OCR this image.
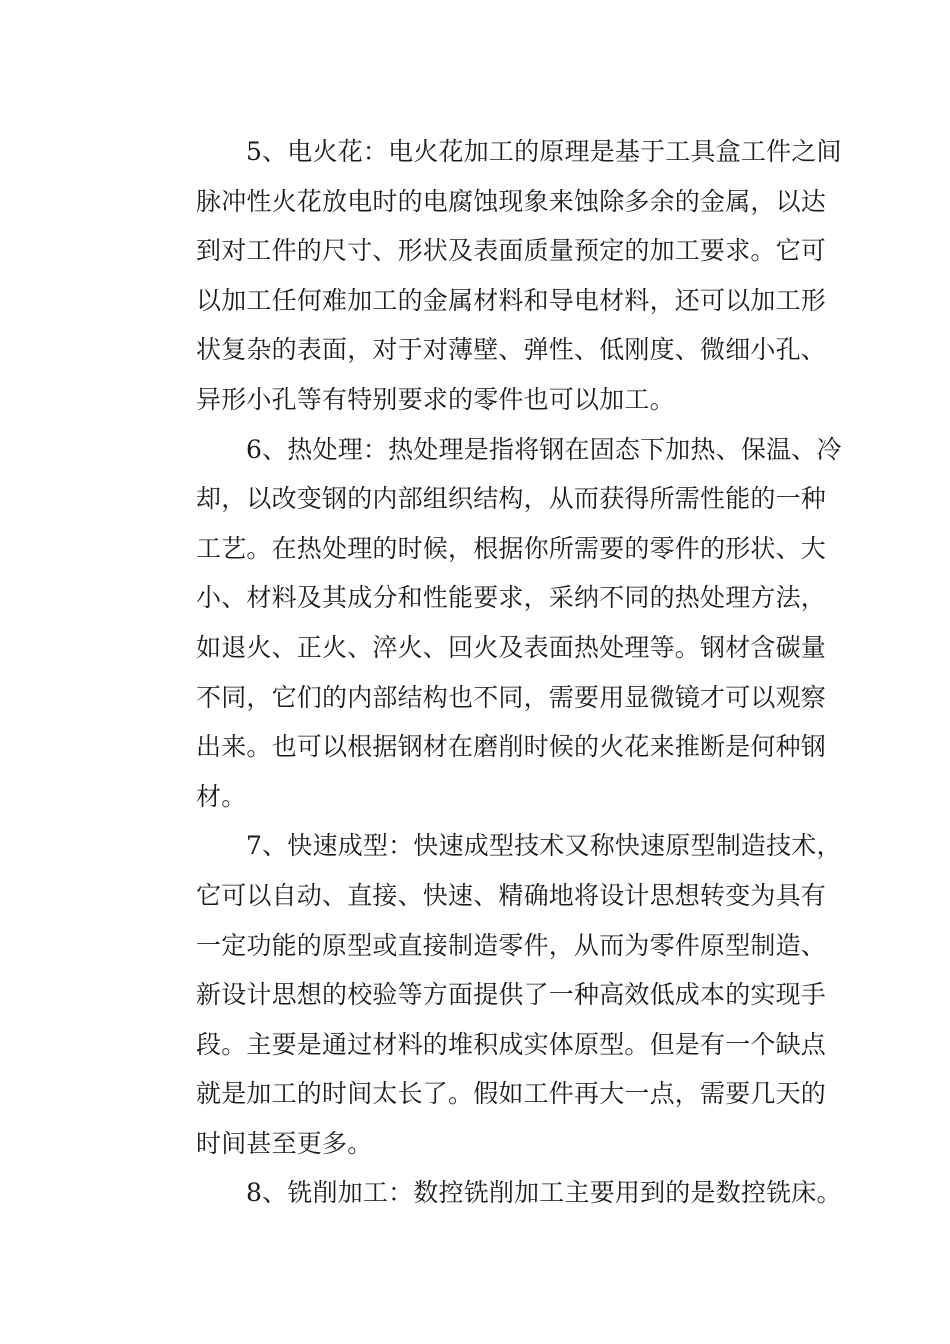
5、电火花：电火花加工的原理是基于工具盒工件之间
脉冲性火花放电时的电腐蚀现象来蚀除多余的金属，以达
到对工件的尺寸、形状及表面质量预定的加工要求。它可
以加工任何难加工的金属材料和导电材料，还可以加工形
状复杂的表面，对于对薄壁、弹性、低刚度、微细小孔、
异形小孔等有特别要求的零件也可以加工。
6、热处理：热处理是指将钢在固态下加热、保温、冷
却，以改变钢的内部组织结构，从而获得所需性能的一种
工艺。在热处理的时候，根据你所需要的零件的形状、大
小、材料及其成分和性能要求，采纳不同的热处理方法，
如退火、正火、淬火、回火及表面热处理等。钢材含碳量
不同，它们的内部结构也不同，需要用显微镜才可以观察
出来。也可以根据钢材在磨削时候的火花来推断是何种钢
材。
7、快速成型：快速成型技术又称快速原型制造技术，
它可以自动、直接、快速、精确地将设计思想转变为具有
一定功能的原型或直接制造零件，从而为零件原型制造、
新设计思想的校验等方面提供了一种高效低成本的实现手
段。主要是通过材料的堆积成实体原型。但是有一个缺点
就是加工的时间太长了。假如工件再大一点，需要几天的
时间甚至更多。
8、铣削加工：数控铣削加工主要用到的是数控铣床。
